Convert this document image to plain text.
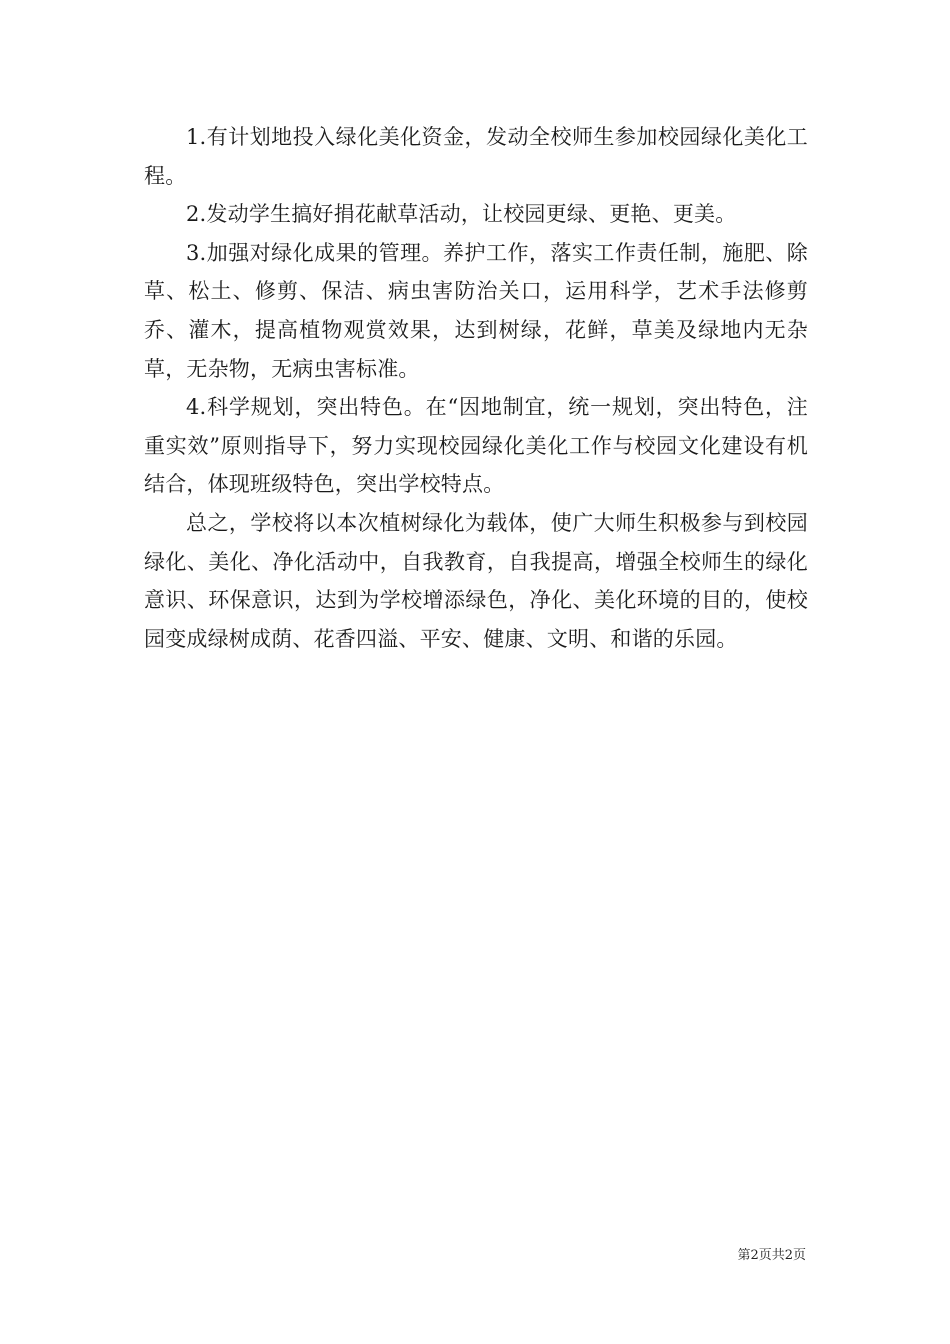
1.有计划地投入绿化美化资金，发动全校师生参加校园绿化美化工程。

2.发动学生搞好捐花献草活动，让校园更绿、更艳、更美。

3.加强对绿化成果的管理。养护工作，落实工作责任制，施肥、除草、松土、修剪、保洁、病虫害防治关口，运用科学，艺术手法修剪乔、灌木，提高植物观赏效果，达到树绿，花鲜，草美及绿地内无杂草，无杂物，无病虫害标准。

4.科学规划，突出特色。在“因地制宜，统一规划，突出特色，注重实效”原则指导下，努力实现校园绿化美化工作与校园文化建设有机结合，体现班级特色，突出学校特点。

总之，学校将以本次植树绿化为载体，使广大师生积极参与到校园绿化、美化、净化活动中，自我教育，自我提高，增强全校师生的绿化意识、环保意识，达到为学校增添绿色，净化、美化环境的目的，使校园变成绿树成荫、花香四溢、平安、健康、文明、和谐的乐园。

第2页共2页
